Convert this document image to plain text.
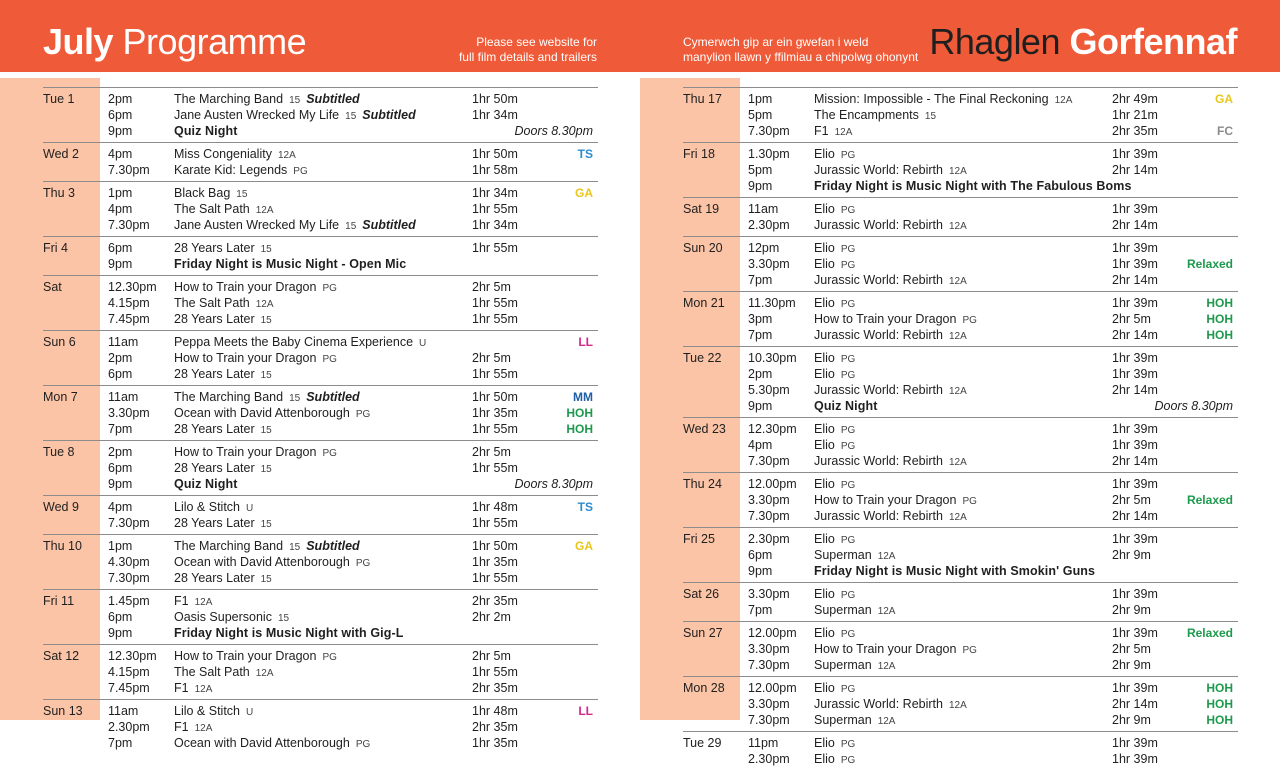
July Programme	Please see website for
full film details and trailers
Cymerwch gip ar ein gwefan i weld
manylion llawn y ffilmiau a chipolwg ohonynt Rhaglen Gorfennaf
Tue 1	2pm	The Marching Band 15 Subtitled	1hr 50m
6pm	Jane Austen Wrecked My Life 15 Subtitled	1hr 34m
9pm	Quiz Night	Doors 8.30pm
Wed 2 4pm	Miss Congeniality 12A	1hr 50m	TS
7.30pm Karate Kid: Legends PG	1hr 58m
Thu 3	1pm	Black Bag 15	1hr 34m	GA
4pm	The Salt Path 12A	1hr 55m
7.30pm Jane Austen Wrecked My Life 15 Subtitled	1hr 34m
Fri 4	6pm	28 Years Later 15	1hr 55m
9pm	Friday Night is Music Night - Open Mic
Sat	12.30pm How to Train your Dragon PG	2hr 5m
4.15pm The Salt Path 12A	1hr 55m
7.45pm 28 Years Later 15	1hr 55m
Sun 6	11am	Peppa Meets the Baby Cinema Experience U	LL
2pm	How to Train your Dragon PG	2hr 5m
6pm	28 Years Later 15	1hr 55m
Mon 7 11am	The Marching Band 15 Subtitled	1hr 50m	MM
3.30pm Ocean with David Attenborough PG	1hr 35m	HOH
7pm	28 Years Later 15	1hr 55m	HOH
Tue 8	2pm	How to Train your Dragon PG	2hr 5m
6pm	28 Years Later 15	1hr 55m
9pm	Quiz Night	Doors 8.30pm
Wed 9 4pm	Lilo & Stitch U	1hr 48m	TS
7.30pm 28 Years Later 15	1hr 55m
Thu 10 1pm	The Marching Band 15 Subtitled	1hr 50m	GA
4.30pm Ocean with David Attenborough PG	1hr 35m
7.30pm 28 Years Later 15	1hr 55m
Fri 11	1.45pm F1 12A	2hr 35m
6pm	Oasis Supersonic 15	2hr 2m
9pm	Friday Night is Music Night with Gig-L
Sat 12 12.30pm How to Train your Dragon PG	2hr 5m
4.15pm The Salt Path 12A	1hr 55m
7.45pm F1 12A	2hr 35m
Sun 13 11am	Lilo & Stitch U	1hr 48m	LL
2.30pm F1 12A	2hr 35m
7pm	Ocean with David Attenborough PG	1hr 35m
Thu 17 1pm	Mission: Impossible - The Final Reckoning 12A	2hr 49m	GA
5pm	The Encampments 15	1hr 21m
7.30pm F1 12A	2hr 35m	FC
Fri 18	1.30pm Elio PG	1hr 39m
5pm	Jurassic World: Rebirth 12A	2hr 14m
9pm	Friday Night is Music Night with The Fabulous Boms
Sat 19 11am	Elio PG	1hr 39m
2.30pm Jurassic World: Rebirth 12A	2hr 14m
Sun 20 12pm	Elio PG	1hr 39m
3.30pm Elio PG	1hr 39m Relaxed
7pm	Jurassic World: Rebirth 12A	2hr 14m
Mon 21 11.30pm Elio PG	1hr 39m	HOH
3pm	How to Train your Dragon PG	2hr 5m	HOH
7pm	Jurassic World: Rebirth 12A	2hr 14m	HOH
Tue 22 10.30pm Elio PG	1hr 39m
2pm	Elio PG	1hr 39m
5.30pm Jurassic World: Rebirth 12A	2hr 14m
9pm	Quiz Night	Doors 8.30pm
Wed 23 12.30pm Elio PG	1hr 39m
4pm	Elio PG	1hr 39m
7.30pm Jurassic World: Rebirth 12A	2hr 14m
Thu 24 12.00pm Elio PG	1hr 39m
3.30pm How to Train your Dragon PG	2hr 5m	Relaxed
7.30pm Jurassic World: Rebirth 12A	2hr 14m
Fri 25	2.30pm Elio PG	1hr 39m
6pm	Superman 12A	2hr 9m
9pm	Friday Night is Music Night with Smokin' Guns
Sat 26 3.30pm Elio PG	1hr 39m
7pm	Superman 12A	2hr 9m
Sun 27 12.00pm Elio PG	1hr 39m Relaxed
3.30pm How to Train your Dragon PG	2hr 5m
7.30pm Superman 12A	2hr 9m
Mon 28 12.00pm Elio PG	1hr 39m	HOH
3.30pm Jurassic World: Rebirth 12A	2hr 14m	HOH
7.30pm Superman 12A	2hr 9m	HOH
Tue 29 11pm	Elio PG	1hr 39m
2.30pm Elio PG	1hr 39m
